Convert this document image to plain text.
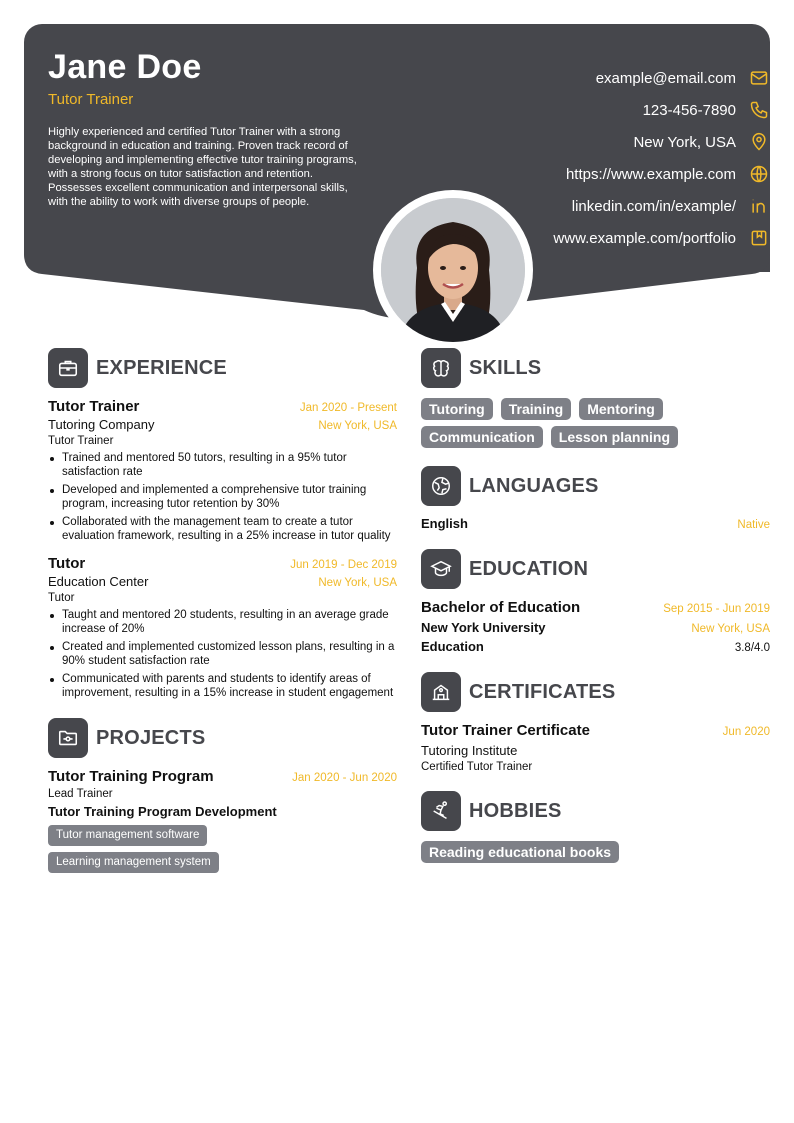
Jane Doe
Tutor Trainer
Highly experienced and certified Tutor Trainer with a strong background in education and training. Proven track record of developing and implementing effective tutor training programs, with a strong focus on tutor satisfaction and retention. Possesses excellent communication and interpersonal skills, with the ability to work with diverse groups of people.
example@email.com
123-456-7890
New York, USA
https://www.example.com
linkedin.com/in/example/
www.example.com/portfolio
EXPERIENCE
Tutor Trainer	Jan 2020 - Present
Tutoring Company	New York, USA
Tutor Trainer
Trained and mentored 50 tutors, resulting in a 95% tutor satisfaction rate
Developed and implemented a comprehensive tutor training program, increasing tutor retention by 30%
Collaborated with the management team to create a tutor evaluation framework, resulting in a 25% increase in tutor quality
Tutor	Jun 2019 - Dec 2019
Education Center	New York, USA
Tutor
Taught and mentored 20 students, resulting in an average grade increase of 20%
Created and implemented customized lesson plans, resulting in a 90% student satisfaction rate
Communicated with parents and students to identify areas of improvement, resulting in a 15% increase in student engagement
PROJECTS
Tutor Training Program	Jan 2020 - Jun 2020
Lead Trainer
Tutor Training Program Development
Tutor management software
Learning management system
SKILLS
Tutoring	Training	Mentoring
Communication	Lesson planning
LANGUAGES
English	Native
EDUCATION
Bachelor of Education	Sep 2015 - Jun 2019
New York University	New York, USA
Education	3.8/4.0
CERTIFICATES
Tutor Trainer Certificate	Jun 2020
Tutoring Institute
Certified Tutor Trainer
HOBBIES
Reading educational books
